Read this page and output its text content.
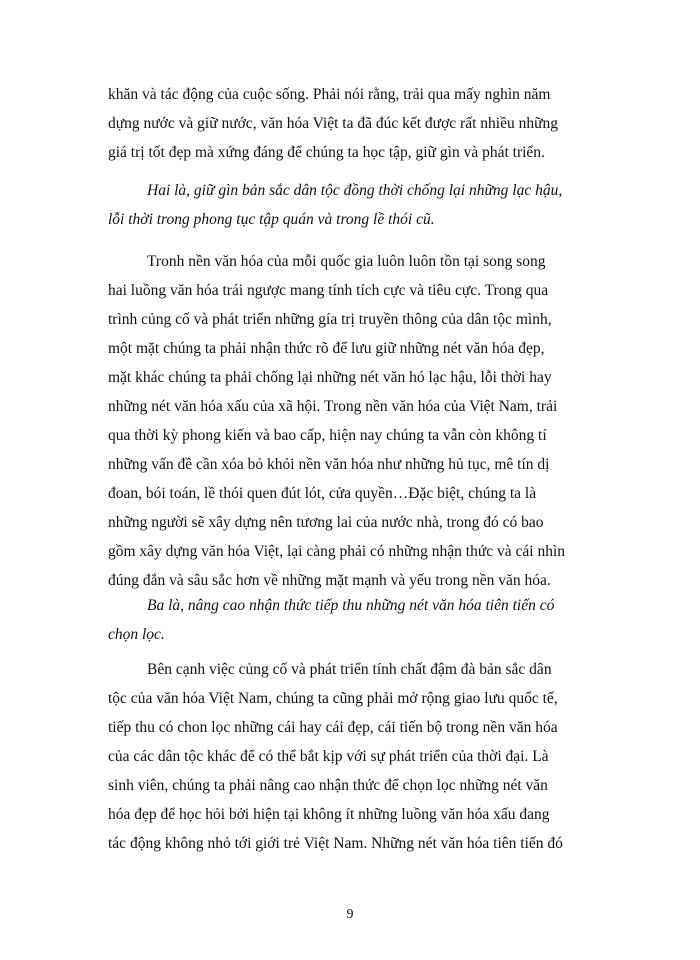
khăn và tác động của cuộc sống. Phải nói rằng, trải qua mấy nghìn năm
dựng nước và giữ nước, văn hóa Việt ta đã đúc kết được rất nhiều những
giá trị tốt đẹp mà xứng đáng để chúng ta học tập, giữ gìn và phát triển.
Hai là, giữ gìn bản sắc dân tộc đồng thời chống lại những lạc hậu,
lỗi thời trong phong tục tập quán và trong lề thói cũ.
Tronh nền văn hóa của mỗi quốc gia luôn luôn tồn tại song song
hai luồng văn hóa trái ngược mang tính tích cực và tiêu cực. Trong qua
trình củng cố và phát triển những gía trị truyền thông của dân tộc mình,
một mặt chúng ta phải nhận thức rõ để lưu giữ những nét văn hóa đẹp,
mặt khác chúng ta phải chống lại những nét văn hó lạc hậu, lỗi thời hay
những nét văn hóa xấu của xã hội. Trong nền văn hóa của Việt Nam, trải
qua thời kỳ phong kiến và bao cấp, hiện nay chúng ta vẫn còn không tí
những vấn đề cần xóa bỏ khỏi nền văn hóa như những hủ tục, mê tín dị
đoan, bói toán, lề thói quen đút lót, cửa quyền…Đặc biệt, chúng ta là
những người sẽ xây dựng nên tương lai của nước nhà, trong đó có bao
gồm xây dựng văn hóa Việt, lại càng phải có những nhận thức và cái nhìn
đúng đắn và sâu sắc hơn về những mặt mạnh và yếu trong nền văn hóa.
Ba là, nâng cao nhận thức tiếp thu những nét văn hóa tiên tiến có
chọn lọc.
Bên cạnh việc củng cố và phát triển tính chất đậm đà bản sắc dân
tộc của văn hóa Việt Nam, chúng ta cũng phải mở rộng giao lưu quốc tế,
tiếp thu có chon lọc những cái hay cái đẹp, cái tiến bộ trong nền văn hóa
của các dân tộc khác để có thể bắt kịp với sự phát triển của thời đại. Là
sinh viên, chúng ta phải nâng cao nhận thức để chọn lọc những nét văn
hóa đẹp để học hỏi bởi hiện tại không ít những luồng văn hóa xấu đang
tác động không nhỏ tới giới trẻ Việt Nam. Những nét văn hóa tiên tiến đó
9
